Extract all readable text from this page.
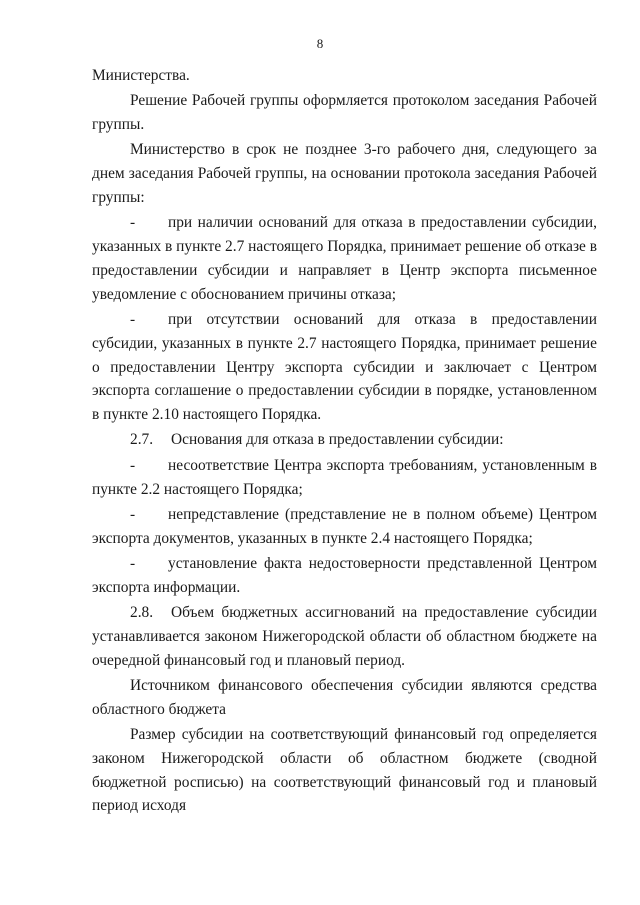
8

Министерства.

Решение Рабочей группы оформляется протоколом заседания Рабочей группы.

Министерство в срок не позднее 3-го рабочего дня, следующего за днем заседания Рабочей группы, на основании протокола заседания Рабочей группы:

- при наличии оснований для отказа в предоставлении субсидии, указанных в пункте 2.7 настоящего Порядка, принимает решение об отказе в предоставлении субсидии и направляет в Центр экспорта письменное уведомление с обоснованием причины отказа;

- при отсутствии оснований для отказа в предоставлении субсидии, указанных в пункте 2.7 настоящего Порядка, принимает решение о предоставлении Центру экспорта субсидии и заключает с Центром экспорта соглашение о предоставлении субсидии в порядке, установленном в пункте 2.10 настоящего Порядка.

2.7. Основания для отказа в предоставлении субсидии:

- несоответствие Центра экспорта требованиям, установленным в пункте 2.2 настоящего Порядка;

- непредставление (представление не в полном объеме) Центром экспорта документов, указанных в пункте 2.4 настоящего Порядка;

- установление факта недостоверности представленной Центром экспорта информации.

2.8. Объем бюджетных ассигнований на предоставление субсидии устанавливается законом Нижегородской области об областном бюджете на очередной финансовый год и плановый период.

Источником финансового обеспечения субсидии являются средства областного бюджета

Размер субсидии на соответствующий финансовый год определяется законом Нижегородской области об областном бюджете (сводной бюджетной росписью) на соответствующий финансовый год и плановый период исходя
